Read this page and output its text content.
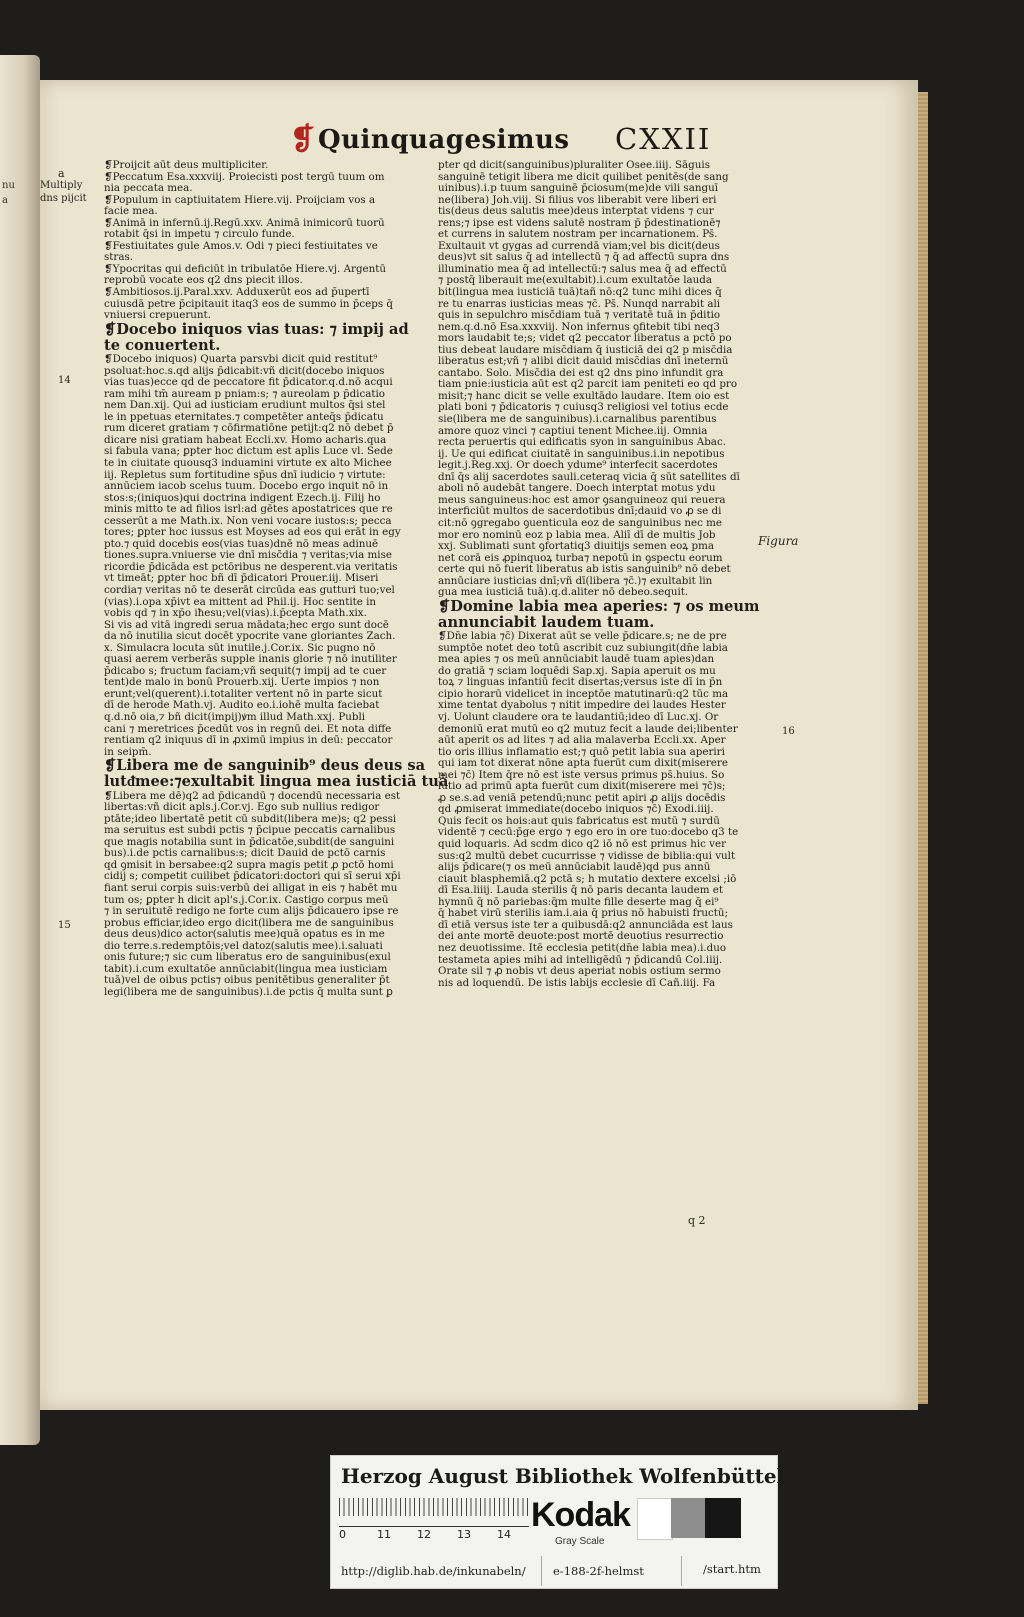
nu
a
❡ Quinquagesimus CXXII
a
Multiply
dns pijcit
14
15
16
Figura
❡Proijcit aūt deus multipliciter.
❡Peccatum Esa.xxxviij. Proiecisti post tergū tuum om
nia peccata mea.
❡Populum in captiuitatem Hiere.vij. Proijciam vos a
facie mea.
❡Animā in infernū.ij.Regū.xxv. Animā inimicorū tuorū
rotabit q̄si in impetu ⁊ circulo funde.
❡Festiuitates gule Amos.v. Odi ⁊ pieci festiuitates ve
stras.
❡Ypocritas qui deficiūt in tribulatōe Hiere.vj. Argentū
reprobū vocate eos q2 dns piecit illos.
❡Ambitiosos.ij.Paral.xxv. Adduxerūt eos ad p̄upertī
cuiusdā petre p̄cipitauit itaq3 eos de summo in p̄ceps q̄
vniuersi crepuerunt.
❡Docebo iniquos vias tuas: ⁊ impij ad
te conuertent.
❡Docebo iniquos) Quarta parsvbi dicit quid restitut⁹
psoluat:hoc.s.qd alijs p̄dicabit:vñ dicit(docebo iniquos
vias tuas)ecce qd de peccatore fit p̄dicator.q.d.nō acqui
ram mihi tm̄ auream p pniam:s; ⁊ aureolam p p̄dicatio
nem Dan.xij. Qui ad iusticiam erudiunt multos q̄si stel
le in ppetuas eternitates.⁊ competēter anteq̄s p̄dicatu
rum diceret gratiam ⁊ cōfirmatiōne petijt:q2 nō debet p̄
dicare nisi gratiam habeat Eccli.xv. Homo acharis.qua
si fabula vana; ꝑpter hoc dictum est aplis Luce vl. Sede
te in ciuitate quousq3 induamini virtute ex alto Michee
iij. Repletus sum fortitudine sp̄us dnī iudicio ⁊ virtute:
annūciem iacob scelus tuum. Docebo ergo inquit nō in
stos:s;(iniquos)qui doctrina indigent Ezech.ij. Filij ho
minis mitto te ad filios isrl̄:ad gētes apostatrices que re
cesserūt a me Math.ix. Non veni vocare iustos:s; pecca
tores; ꝑpter hoc iussus est Moyses ad eos qui erāt in egy
pto.⁊ quid docebis eos(vias tuas)dnē nō meas adinuē
tiones.supra.vniuerse vie dnī misc̄dia ⁊ veritas;via mise
ricordie p̄dicāda est pctōribus ne desperent.via veritatis
vt timeāt; ꝑpter hoc bñ dī p̄dicatori Prouer.iij. Miseri
cordia⁊ veritas nō te deserāt circūda eas gutturi tuo;vel
(vias).i.opa xp̄ivt ea mittent ad Phil.ij. Hoc sentite in
vobis qd ⁊ in xp̄o iħesu;vel(vias).i.p̄cepta Math.xix.
Si vis ad vitā ingredi serua mādata;hec ergo sunt docē
da nō inutilia sicut docēt ypocrite vane gloriantes Zach.
x. Simulacra locuta sūt inutile.j.Cor.ix. Sic pugno nō
quasi aerem verberās supple inanis glorie ⁊ nō inutiliter
p̄dicabo s; fructum faciam;vñ sequit̄(⁊ impij ad te cuer
tent)de malo in bonū Prouerb.xij. Uerte impios ⁊ non
erunt;vel(querent).i.totaliter vertent nō in parte sicut
dī de herode Math.vj. Audito eo.i.iohē multa faciebat
q.d.nō oia,⁊ bñ dicit(impij)ꝟm illud Math.xxj. Publi
cani ⁊ meretrices p̄cedūt vos in regnū dei. Et nota diffe
rentiam q2 iniquus dī in ꝓximū impius in deū: peccator
in seipm̄.
❡Libera me de sanguinib⁹ deus deus sa
lutᵭmee:⁊exultabit lingua mea iusticiā tuā
❡Libera me dē)q2 ad p̄dicandū ⁊ docendū necessaria est
libertas:vñ dicit apls.j.Cor.vj. Ego sub nullius redigor
ptāte;ideo libertatē petit cū subdit(libera me)s; q2 pessi
ma seruitus est subdi pctis ⁊ p̄cipue peccatis carnalibus
que magis notabilia sunt in p̄dicatōe,subdit(de sanguini
bus).i.de pctis carnalibus:s; dicit Dauid de pctō carnis
qd̄ ꝯmisit in bersabee:q2 supra magis petit ꝓ pctō homi
cidij s; competit cuilibet p̄dicatori:doctori qui sī serui xp̄i
fiant serui corpis suis:verbū dei alligat in eis ⁊ habēt mu
tum os; ꝑpter h̄ dicit apl's.j.Cor.ix. Castigo corpus meū
⁊ in seruitutē redigo ne forte cum alijs p̄dicauero ipse re
probus efficiar,ideo ergo dicit(libera me de sanguinibus
deus deus)dico actor(salutis mee)quā opatus es in me
dio terre.s.redemptōis;vel datoz(salutis mee).i.saluati
onis future;⁊ sic cum liberatus ero de sanguinibus(exul
tabit).i.cum exultatōe annūciabit(lingua mea iusticiam
tuā)vel de oibus pctis⁊ oibus penitētibus generaliter p̄t
legi(libera me de sanguinibus).i.de pctis q̄ multa sunt ꝑ
pter qd dicit(sanguinibus)pluraliter Osee.iiij. Sāguis
sanguinē tetigit libera me dicit quilibet penitēs(de sang
uinibus).i.p tuum sanguinē p̄ciosum(me)de vili sanguī
ne(libera) Joh.viij. Si filius vos liberabit vere liberi eri
tis(deus deus salutis mee)deus interptat̄ videns ⁊ cur
rens;⁊ ipse est videns salutē nostram p̄ p̄destinationē⁊
et currens in salutem nostram per incarnationem. Ps̄.
Exultauit vt gygas ad currendā viam;vel bis dicit(deus
deus)vt sit salus q̄ ad intellectū ⁊ q̄ ad affectū supra dns
illuminatio mea q̄ ad intellectū:⁊ salus mea q̄ ad effectū
⁊ postq̄ liberauit me(exultabit).i.cum exultatōe lauda
bit(lingua mea iusticiā tuā)tañ nō:q2 tunc mihi dices q̄
re tu enarras iusticias meas ⁊c̄. Ps̄. Nunqd narrabit ali
quis in sepulchro misc̄diam tuā ⁊ veritatē tuā in p̄ditio
nem.q.d.nō Esa.xxxviij. Non infernus ꝯfitebit̄ tibi neq3
mors laudabit te;s; videt̄ q2 peccator liberatus a pctō po
tius debeat laudare misc̄diam q̄ iusticiā dei q2 p misc̄dia
liberatus est;vñ ⁊ alibi dicit dauid misc̄dias dnī ineternū
cantabo. Solo. Misc̄dia dei est q2 dns pino infundit gra
tiam pnie:iusticia aūt est q2 parcit iam peniteti eo qd pro
misit;⁊ hanc dicit se velle exultādo laudare. Item oio est
plati boni ⁊ p̄dicatoris ⁊ cuiusq3 religiosi vel totius ecde
sie(libera me de sanguinibus).i.carnalibus parentibus
amore quoz vinci ⁊ captiui tenent Michee.iij. Omnia
recta peruertis qui edificatis syon in sanguinibus Abac.
ij. Ue qui edificat ciuitatē in sanguinibus.i.in nepotibus
legit.j.Reg.xxj. Or doech ydume⁹ interfecit sacerdotes
dnī q̄s alij sacerdotes sauli.ceteraq vicia q̄ sūt satellites dī
aboli nō audebāt tangere. Doech interptat̄ motus ydu
meus sanguineus:hoc est amor ꝯsanguineoz qui reuera
interficiūt multos de sacerdotibus dnī;dauid vo ꝓ se di
cit:nō ꝯgregabo ꝯuenticula eoz de sanguinibus nec me
mor ero nominū eoz p labia mea. Aliī dī de multis Job
xxj. Sublimati sunt ꝯfortatiq3 diuitijs semen eoꝝ pma
net corā eis ꝓpinquoꝝ turba⁊ nepotū in ꝯspectu eorum
certe qui nō fuerit liberatus ab istis sanguinib⁹ nō debet
annūciare iusticias dnī;vñ dī(libera ⁊c̄.)⁊ exultabit lin
gua mea iusticiā tuā).q.d.aliter nō debeo.sequit̄.
❡Domine labia mea aperies: ⁊ os meum
annunciabit laudem tuam.
❡Dn̄e labia ⁊c̄) Dixerat aūt se velle p̄dicare.s; ne de pre
sumptōe notet̄ deo totū ascribit cuz subiungit(dn̄e labia
mea apies ⁊ os meū annūciabit laudē tuam apies)dan
do gratiā ⁊ sciam loquēdi Sap.xj. Sapia aperuit os mu
toꝝ ⁊ linguas infantiū fecit disertas;versus iste dī in p̄n
cipio horarū videlicet in inceptōe matutinarū:q2 tūc ma
xime tentat dyabolus ⁊ nitit̄ impedire dei laudes Hester
vj. Uolunt claudere ora te laudantiū;ideo dī Luc.xj. Or
demoniū erat mutū eo q2 mutuz fecit a laude dei;libenter
aūt aperit os ad lites ⁊ ad alia malaverba Eccli.xx. Aper
tio oris illius inflamatio est;⁊ quō petit labia sua aperiri
qui iam tot dixerat nōne apta fuerūt cum dixit(miserere
mei ⁊c̄) Item q̄re nō est iste versus primus ps̄.huius. So
lutio ad primū apta fuerūt cum dixit(miserere mei ⁊c̄)s;
ꝓ se.s.ad veniā petendū;nunc petit apiri ꝓ alijs docēdis
qd ꝓmiserat immediate(docebo iniquos ⁊c̄) Exodi.iiij.
Quis fecit os hois:aut quis fabricatus est mutū ⁊ surdū
videntē ⁊ cecū:p̄ge ergo ⁊ ego ero in ore tuo:docebo q3 te
quid loquaris. Ad scdm dico q2 iō nō est primus hic ver
sus:q2 multū debet cucurrisse ⁊ vidisse de biblia:qui vult
alijs p̄dicare(⁊ os meū annūciabit laudē)qd̄ pus annū
ciauit blasphemiā.q2 pctā s; h mutatio dextere excelsi ;iō
dī Esa.liiij. Lauda sterilis q̄ nō paris decanta laudem et
hymnū q̄ nō pariebas:q̄m multe fille deserte mag q̄ ei⁹
q̄ habet virū sterilis iam.i.aia q̄ prius nō habuisti fructū;
dī etiā versus iste ter a quibusdā:q2 annunciāda est laus
dei ante mortē deuote:post mortē deuotius resurrectio
nez deuotissime. Itē ecclesia petit(dn̄e labia mea).i.duo
testameta apies mihi ad intelligēdū ⁊ p̄dicandū Col.iiij.
Orate sil ⁊ ꝓ nobis vt deus aperiat nobis ostium sermo
nis ad loquendū. De istis labijs ecclesie dī Cañ.iiij. Fa
q 2
Herzog August Bibliothek Wolfenbüttel
0	11 12 13 14
Kodak
Gray Scale
http://diglib.hab.de/inkunabeln/ e-188-2f-helmst	/start.htm
